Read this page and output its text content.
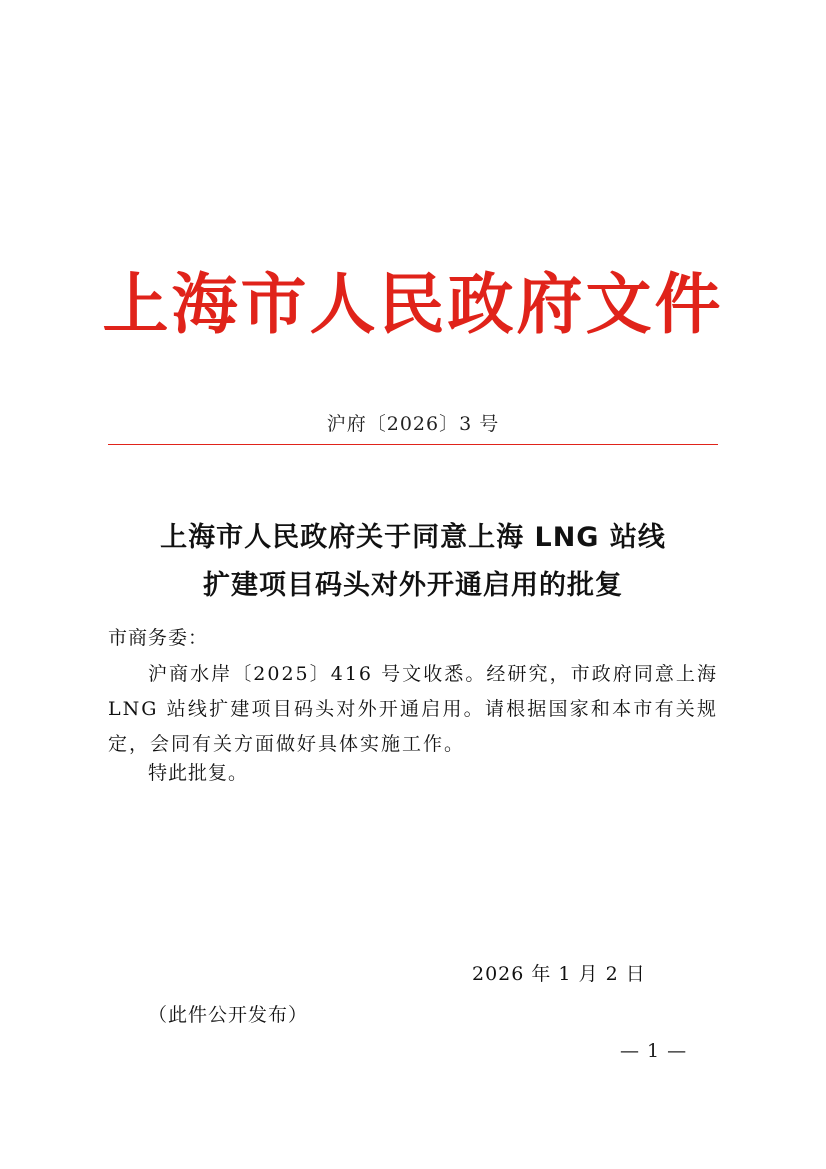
上海市人民政府文件
沪府〔2026〕3 号
上海市人民政府关于同意上海 LNG 站线
扩建项目码头对外开通启用的批复
市商务委：

沪商水岸〔2025〕416 号文收悉。经研究，市政府同意上海 LNG 站线扩建项目码头对外开通启用。请根据国家和本市有关规定，会同有关方面做好具体实施工作。

特此批复。
2026 年 1 月 2 日
（此件公开发布）
— 1 —
